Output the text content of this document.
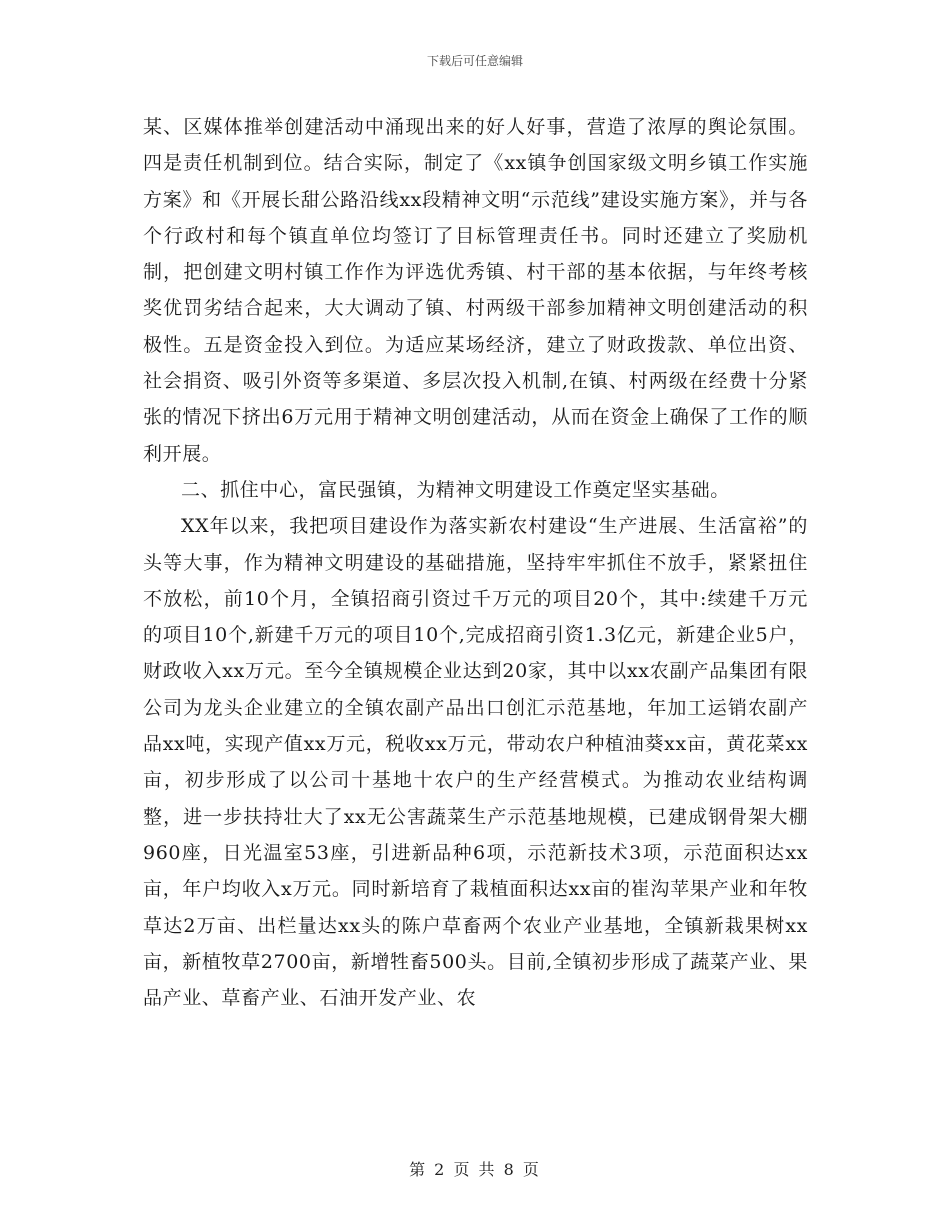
下载后可任意编辑

某、区媒体推举创建活动中涌现出来的好人好事，营造了浓厚的舆论氛围。四是责任机制到位。结合实际，制定了《xx镇争创国家级文明乡镇工作实施方案》和《开展长甜公路沿线xx段精神文明“示范线”建设实施方案》，并与各个行政村和每个镇直单位均签订了目标管理责任书。同时还建立了奖励机制，把创建文明村镇工作作为评选优秀镇、村干部的基本依据，与年终考核奖优罚劣结合起来，大大调动了镇、村两级干部参加精神文明创建活动的积极性。五是资金投入到位。为适应某场经济，建立了财政拨款、单位出资、社会捐资、吸引外资等多渠道、多层次投入机制,在镇、村两级在经费十分紧张的情况下挤出6万元用于精神文明创建活动，从而在资金上确保了工作的顺利开展。

二、抓住中心，富民强镇，为精神文明建设工作奠定坚实基础。

XX年以来，我把项目建设作为落实新农村建设“生产进展、生活富裕”的头等大事，作为精神文明建设的基础措施，坚持牢牢抓住不放手，紧紧扭住不放松，前10个月，全镇招商引资过千万元的项目20个，其中:续建千万元的项目10个,新建千万元的项目10个,完成招商引资1.3亿元，新建企业5户，财政收入xx万元。至今全镇规模企业达到20家，其中以xx农副产品集团有限公司为龙头企业建立的全镇农副产品出口创汇示范基地，年加工运销农副产品xx吨，实现产值xx万元，税收xx万元，带动农户种植油葵xx亩，黄花菜xx亩，初步形成了以公司十基地十农户的生产经营模式。为推动农业结构调整，进一步扶持壮大了xx无公害蔬菜生产示范基地规模，已建成钢骨架大棚960座，日光温室53座，引进新品种6项，示范新技术3项，示范面积达xx亩，年户均收入x万元。同时新培育了栽植面积达xx亩的崔沟苹果产业和年牧草达2万亩、出栏量达xx头的陈户草畜两个农业产业基地，全镇新栽果树xx亩，新植牧草2700亩，新增牲畜500头。目前,全镇初步形成了蔬菜产业、果品产业、草畜产业、石油开发产业、农

第 2 页 共 8 页
